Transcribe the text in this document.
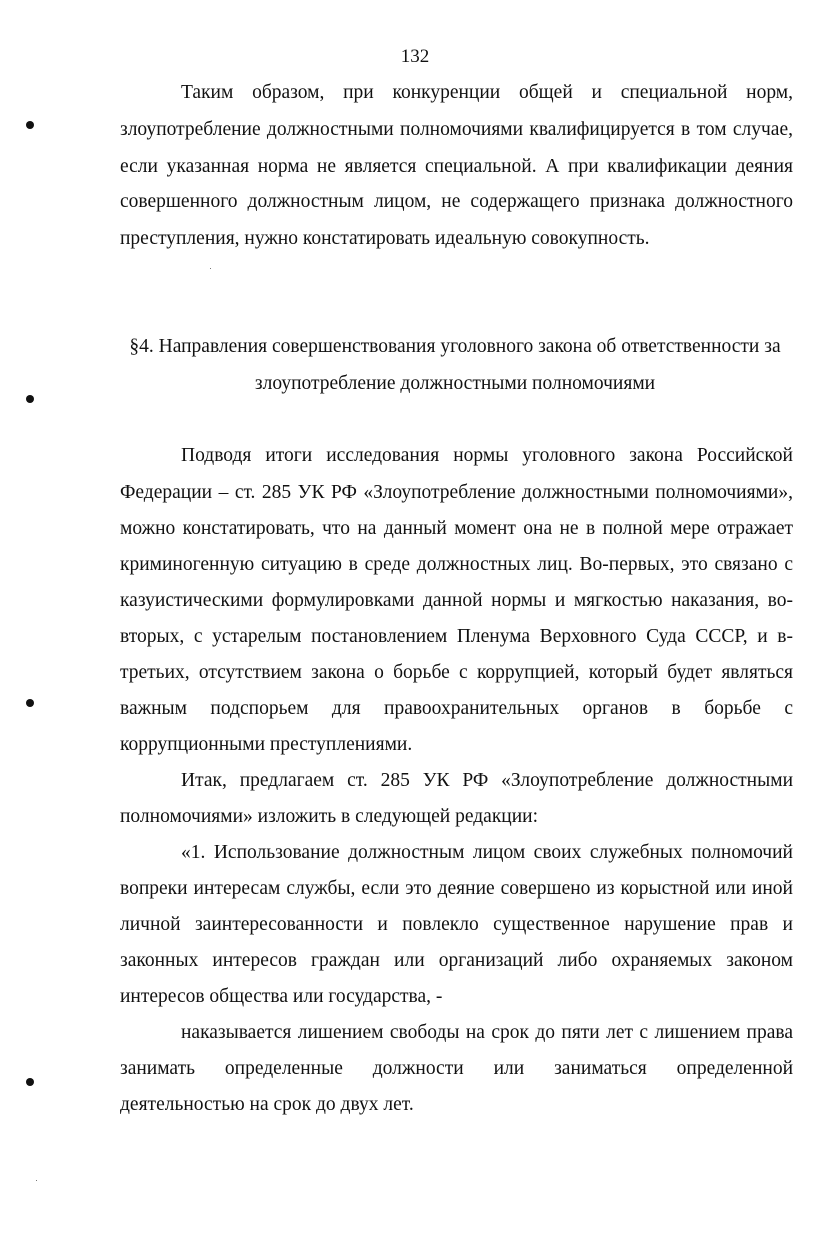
132
Таким образом, при конкуренции общей и специальной норм,
злоупотребление должностными полномочиями квалифицируется в том случае,
если указанная норма не является специальной. А при квалификации деяния
совершенного должностным лицом, не содержащего признака должностного
преступления, нужно констатировать идеальную совокупность.
§4. Направления совершенствования уголовного закона об ответственности за
злоупотребление должностными полномочиями
Подводя итоги исследования нормы уголовного закона Российской
Федерации – ст. 285 УК РФ «Злоупотребление должностными полномочиями»,
можно констатировать, что на данный момент она не в полной мере отражает
криминогенную ситуацию в среде должностных лиц. Во-первых, это связано с
казуистическими формулировками данной нормы и мягкостью наказания, во-
вторых, с устарелым постановлением Пленума Верховного Суда СССР, и в-
третьих, отсутствием закона о борьбе с коррупцией, который будет являться
важным подспорьем для правоохранительных органов в борьбе с
коррупционными преступлениями.
Итак, предлагаем ст. 285 УК РФ «Злоупотребление должностными
полномочиями» изложить в следующей редакции:
«1. Использование должностным лицом своих служебных полномочий
вопреки интересам службы, если это деяние совершено из корыстной или иной
личной заинтересованности и повлекло существенное нарушение прав и
законных интересов граждан или организаций либо охраняемых законом
интересов общества или государства, -
наказывается лишением свободы на срок до пяти лет с лишением права
занимать определенные должности или заниматься определенной
деятельностью на срок до двух лет.
